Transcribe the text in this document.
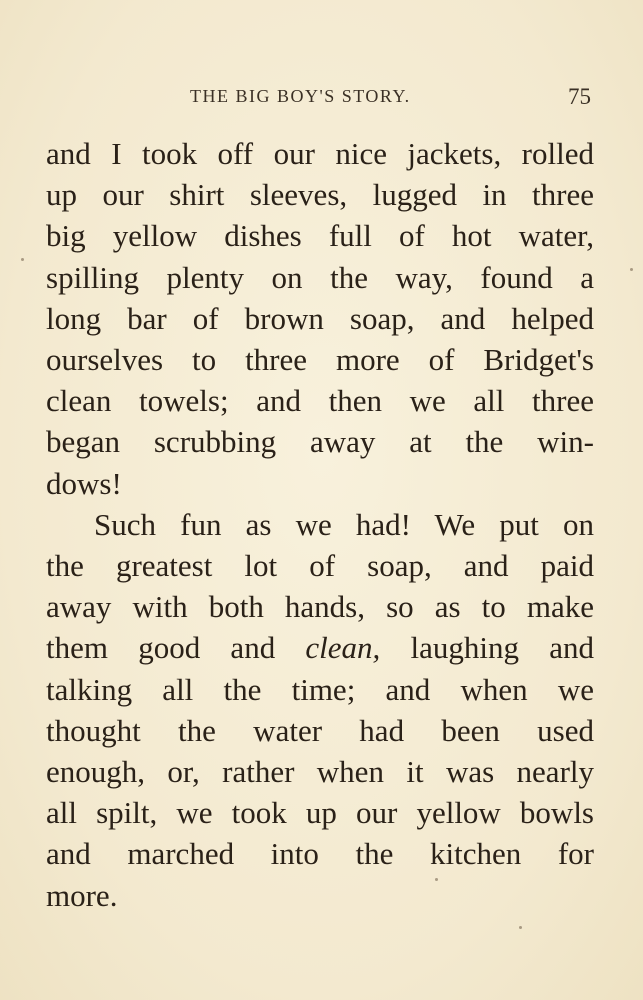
THE BIG BOY'S STORY.	75
and I took off our nice jackets, rolled
up our shirt sleeves, lugged in three
big yellow dishes full of hot water,
spilling plenty on the way, found a
long bar of brown soap, and helped
ourselves to three more of Bridget's
clean towels; and then we all three
began scrubbing away at the win-
dows!
Such fun as we had! We put on
the greatest lot of soap, and paid
away with both hands, so as to make
them good and clean, laughing and
talking all the time; and when we
thought the water had been used
enough, or, rather when it was nearly
all spilt, we took up our yellow bowls
and marched into the kitchen for
more.
